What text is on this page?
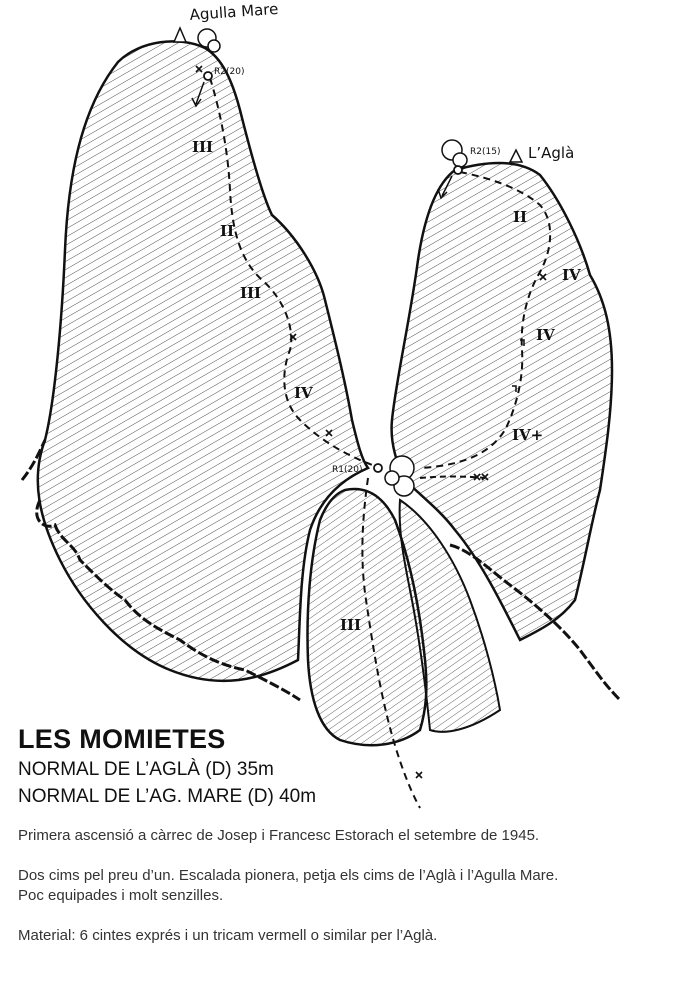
Agulla Mare
L’Aglà
R2(20)
R2(15)
R1(20)
III
II
III
IV
II
IV
IV
IV+
III
LES MOMIETES

NORMAL DE L’AGLÀ (D) 35m

NORMAL DE L’AG. MARE (D) 40m

Primera ascensió a càrrec de Josep i Francesc Estorach el setembre de 1945.

Dos cims pel preu d’un. Escalada pionera, petja els cims de l’Aglà i l’Agulla Mare.

Poc equipades i molt senzilles.

Material: 6 cintes exprés i un tricam vermell o similar per l’Aglà.
